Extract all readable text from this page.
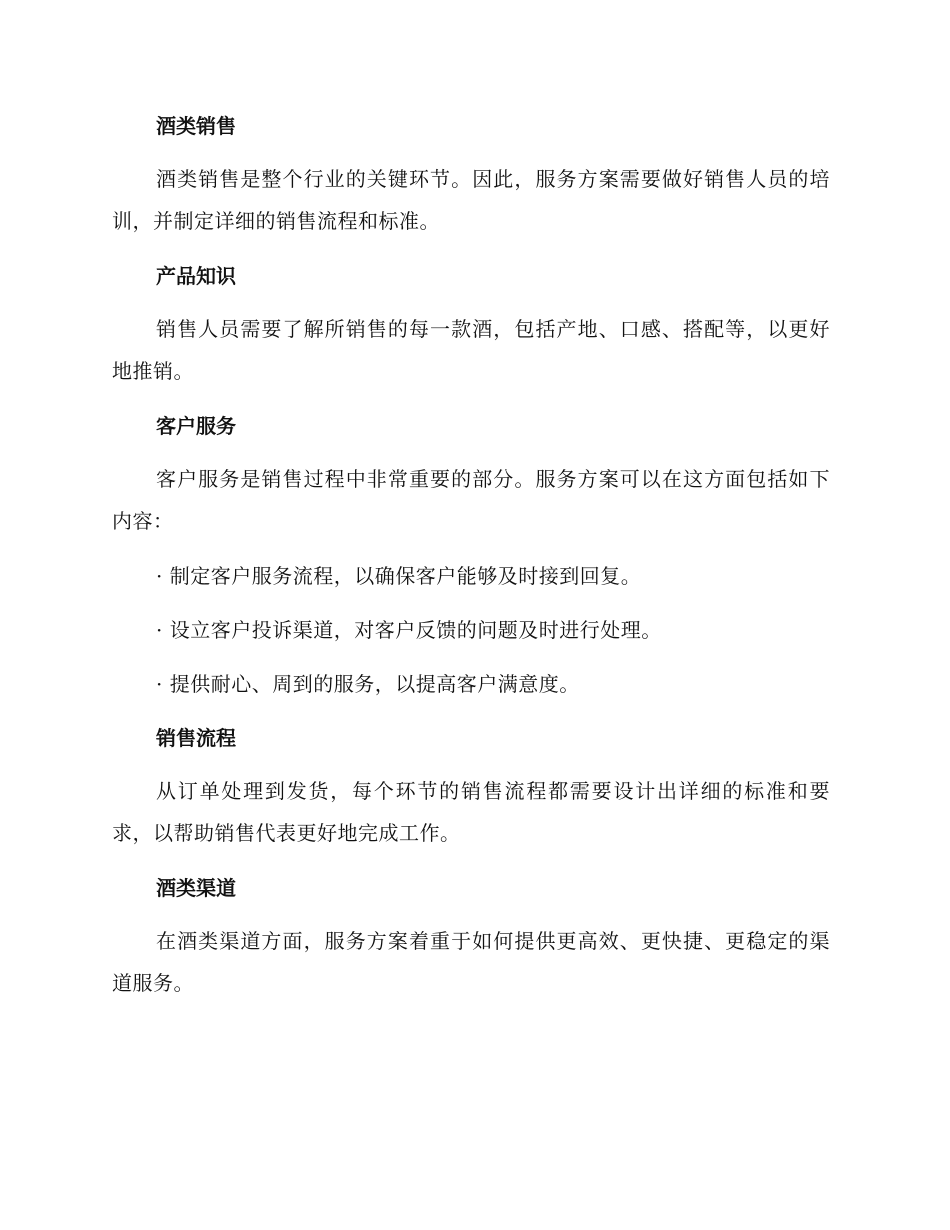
酒类销售

酒类销售是整个行业的关键环节。因此，服务方案需要做好销售人员的培训，并制定详细的销售流程和标准。

产品知识

销售人员需要了解所销售的每一款酒，包括产地、口感、搭配等，以更好地推销。

客户服务

客户服务是销售过程中非常重要的部分。服务方案可以在这方面包括如下内容：

· 制定客户服务流程，以确保客户能够及时接到回复。
· 设立客户投诉渠道，对客户反馈的问题及时进行处理。
· 提供耐心、周到的服务，以提高客户满意度。
销售流程

从订单处理到发货，每个环节的销售流程都需要设计出详细的标准和要求，以帮助销售代表更好地完成工作。

酒类渠道

在酒类渠道方面，服务方案着重于如何提供更高效、更快捷、更稳定的渠道服务。
